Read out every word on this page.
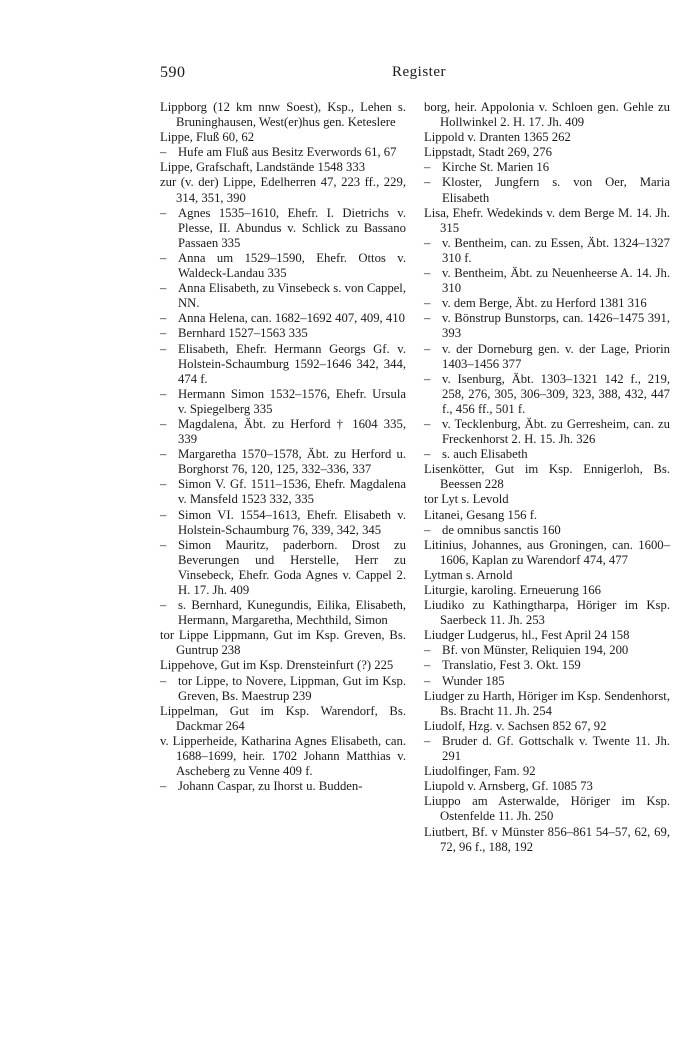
590	Register

Lippborg (12 km nnw Soest), Ksp., Lehen s. Bruninghausen, West(er)hus gen. Keteslere

Lippe, Fluß 60, 62

– Hufe am Fluß aus Besitz Everwords 61, 67

Lippe, Grafschaft, Landstände 1548 333

zur (v. der) Lippe, Edelherren 47, 223 ff., 229, 314, 351, 390

– Agnes 1535–1610, Ehefr. I. Dietrichs v. Plesse, II. Abundus v. Schlick zu Bassano Passaen 335

– Anna um 1529–1590, Ehefr. Ottos v. Waldeck-Landau 335

– Anna Elisabeth, zu Vinsebeck s. von Cappel, NN.

– Anna Helena, can. 1682–1692 407, 409, 410

– Bernhard 1527–1563 335

– Elisabeth, Ehefr. Hermann Georgs Gf. v. Holstein-Schaumburg 1592–1646 342, 344, 474 f.

– Hermann Simon 1532–1576, Ehefr. Ursula v. Spiegelberg 335

– Magdalena, Äbt. zu Herford † 1604 335, 339

– Margaretha 1570–1578, Äbt. zu Herford u. Borghorst 76, 120, 125, 332–336, 337

– Simon V. Gf. 1511–1536, Ehefr. Magdalena v. Mansfeld 1523 332, 335

– Simon VI. 1554–1613, Ehefr. Elisabeth v. Holstein-Schaumburg 76, 339, 342, 345

– Simon Mauritz, paderborn. Drost zu Beverungen und Herstelle, Herr zu Vinsebeck, Ehefr. Goda Agnes v. Cappel 2. H. 17. Jh. 409

– s. Bernhard, Kunegundis, Eilika, Elisabeth, Hermann, Margaretha, Mechthild, Simon

tor Lippe Lippmann, Gut im Ksp. Greven, Bs. Guntrup 238

Lippehove, Gut im Ksp. Drensteinfurt (?) 225

– tor Lippe, to Novere, Lippman, Gut im Ksp. Greven, Bs. Maestrup 239

Lippelman, Gut im Ksp. Warendorf, Bs. Dackmar 264

v. Lipperheide, Katharina Agnes Elisabeth, can. 1688–1699, heir. 1702 Johann Matthias v. Ascheberg zu Venne 409 f.

– Johann Caspar, zu Ihorst u. Budden-

borg, heir. Appolonia v. Schloen gen. Gehle zu Hollwinkel 2. H. 17. Jh. 409

Lippold v. Dranten 1365 262

Lippstadt, Stadt 269, 276

– Kirche St. Marien 16

– Kloster, Jungfern s. von Oer, Maria Elisabeth

Lisa, Ehefr. Wedekinds v. dem Berge M. 14. Jh. 315

– v. Bentheim, can. zu Essen, Äbt. 1324–1327 310 f.

– v. Bentheim, Äbt. zu Neuenheerse A. 14. Jh. 310

– v. dem Berge, Äbt. zu Herford 1381 316

– v. Bönstrup Bunstorps, can. 1426–1475 391, 393

– v. der Dorneburg gen. v. der Lage, Priorin 1403–1456 377

– v. Isenburg, Äbt. 1303–1321 142 f., 219, 258, 276, 305, 306–309, 323, 388, 432, 447 f., 456 ff., 501 f.

– v. Tecklenburg, Äbt. zu Gerresheim, can. zu Freckenhorst 2. H. 15. Jh. 326

– s. auch Elisabeth

Lisenkötter, Gut im Ksp. Ennigerloh, Bs. Beessen 228

tor Lyt s. Levold

Litanei, Gesang 156 f.

– de omnibus sanctis 160

Litinius, Johannes, aus Groningen, can. 1600–1606, Kaplan zu Warendorf 474, 477

Lytman s. Arnold

Liturgie, karoling. Erneuerung 166

Liudiko zu Kathingtharpa, Höriger im Ksp. Saerbeck 11. Jh. 253

Liudger Ludgerus, hl., Fest April 24 158

– Bf. von Münster, Reliquien 194, 200

– Translatio, Fest 3. Okt. 159

– Wunder 185

Liudger zu Harth, Höriger im Ksp. Sendenhorst, Bs. Bracht 11. Jh. 254

Liudolf, Hzg. v. Sachsen 852 67, 92

– Bruder d. Gf. Gottschalk v. Twente 11. Jh. 291

Liudolfinger, Fam. 92

Liupold v. Arnsberg, Gf. 1085 73

Liuppo am Asterwalde, Höriger im Ksp. Ostenfelde 11. Jh. 250

Liutbert, Bf. v Münster 856–861 54–57, 62, 69, 72, 96 f., 188, 192
